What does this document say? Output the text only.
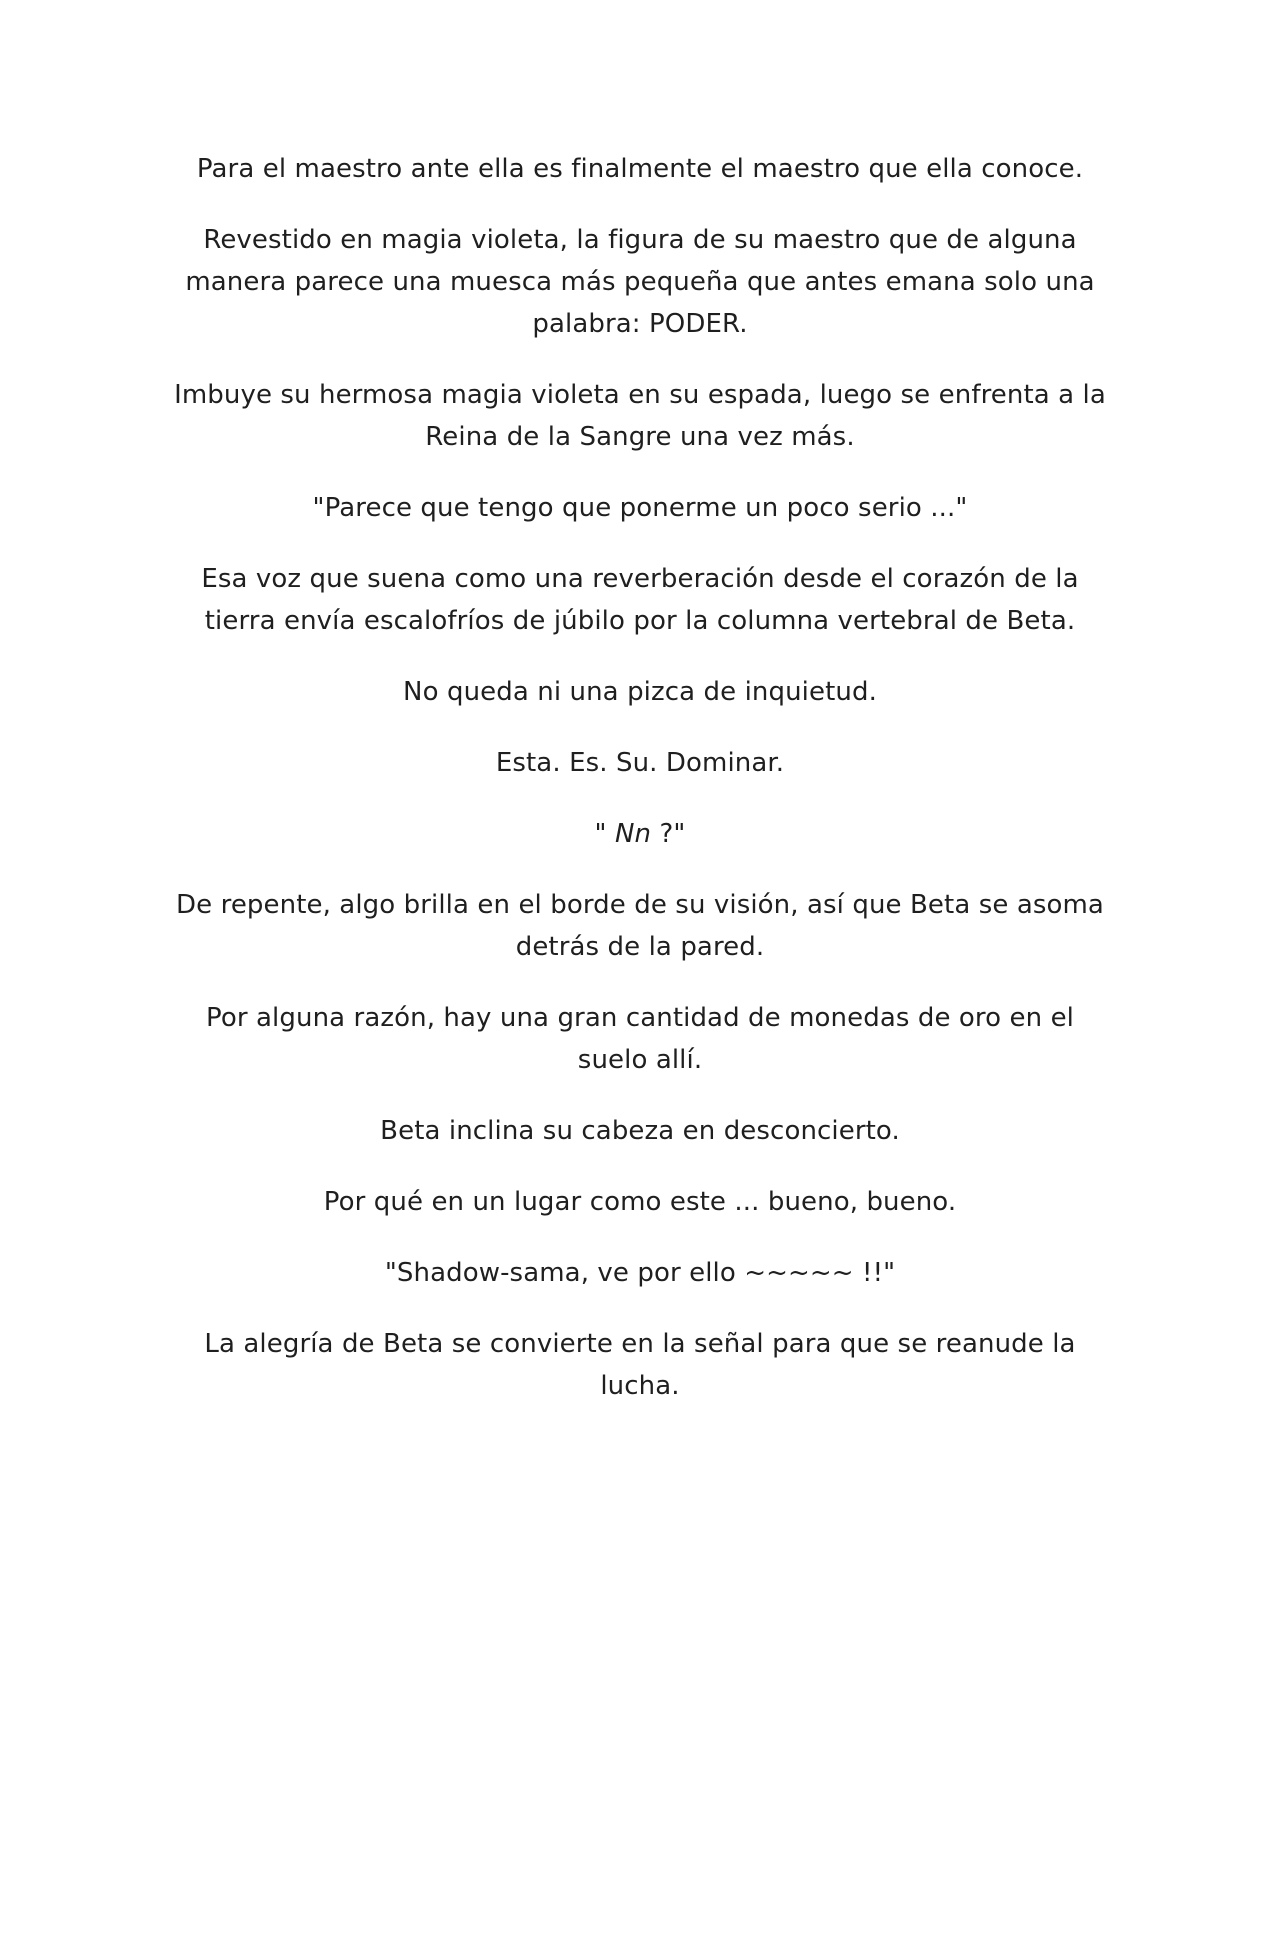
Para el maestro ante ella es finalmente el maestro que ella conoce.

Revestido en magia violeta, la figura de su maestro que de alguna manera parece una muesca más pequeña que antes emana solo una palabra: PODER.

Imbuye su hermosa magia violeta en su espada, luego se enfrenta a la Reina de la Sangre una vez más.

"Parece que tengo que ponerme un poco serio ..."

Esa voz que suena como una reverberación desde el corazón de la tierra envía escalofríos de júbilo por la columna vertebral de Beta.

No queda ni una pizca de inquietud.

Esta. Es. Su. Dominar.

" Nn ?"

De repente, algo brilla en el borde de su visión, así que Beta se asoma detrás de la pared.

Por alguna razón, hay una gran cantidad de monedas de oro en el suelo allí.

Beta inclina su cabeza en desconcierto.

Por qué en un lugar como este ... bueno, bueno.

"Shadow-sama, ve por ello ~~~~~ !!"

La alegría de Beta se convierte en la señal para que se reanude la lucha.
